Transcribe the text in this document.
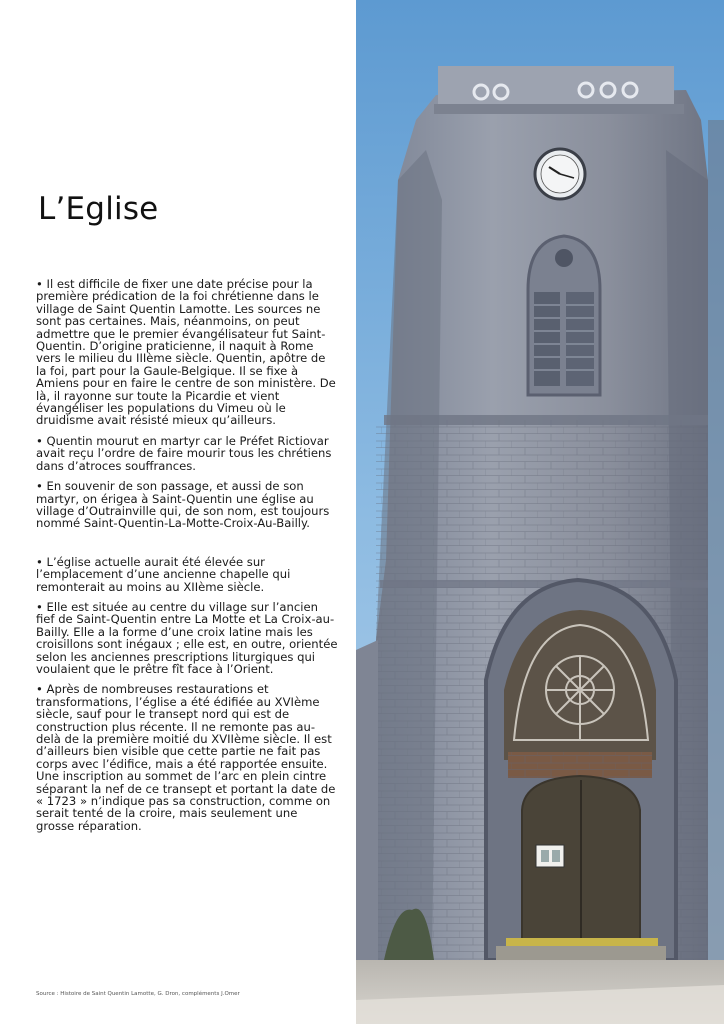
L’Eglise

• Il est difficile de fixer une date précise pour la première prédication de la foi chrétienne dans le village de Saint Quentin Lamotte. Les sources ne sont pas certaines. Mais, néanmoins, on peut admettre que le premier évangélisateur fut Saint-Quentin. D’origine praticienne, il naquit à Rome vers le milieu du IIIème siècle. Quentin, apôtre de la foi, part pour la Gaule-Belgique. Il se fixe à Amiens pour en faire le centre de son ministère. De là, il rayonne sur toute la Picardie et vient évangéliser les populations du Vimeu où le druidisme avait résisté mieux qu’ailleurs.

• Quentin mourut en martyr car le Préfet Rictiovar avait reçu l’ordre de faire mourir tous les chrétiens dans d’atroces souffrances.

• En souvenir de son passage, et aussi de son martyr, on érigea à Saint-Quentin une église au village d’Outrainville qui, de son nom, est toujours nommé Saint-Quentin-La-Motte-Croix-Au-Bailly.

• L’église actuelle aurait été élevée sur l’emplacement d’une ancienne chapelle qui remonterait au moins au XIIème siècle.

• Elle est située au centre du village sur l’ancien fief de Saint-Quentin entre La Motte et La Croix-au-Bailly. Elle a la forme d’une croix latine mais les croisillons sont inégaux ; elle est, en outre, orientée selon les anciennes prescriptions liturgiques qui voulaient que le prêtre fît face à l’Orient.

• Après de nombreuses restaurations et transformations, l’église a été édifiée au XVIème siècle, sauf pour le transept nord qui est de construction plus récente. Il ne remonte pas au-delà de la première moitié du XVIIème siècle. Il est d’ailleurs bien visible que cette partie ne fait pas corps avec l’édifice, mais a été rapportée ensuite. Une inscription au sommet de l’arc en plein cintre séparant la nef de ce transept et portant la date de « 1723 » n’indique pas sa construction, comme on serait tenté de la croire, mais seulement une grosse réparation.

Source : Histoire de Saint Quentin Lamotte, G. Dron, compléments J.Omer
